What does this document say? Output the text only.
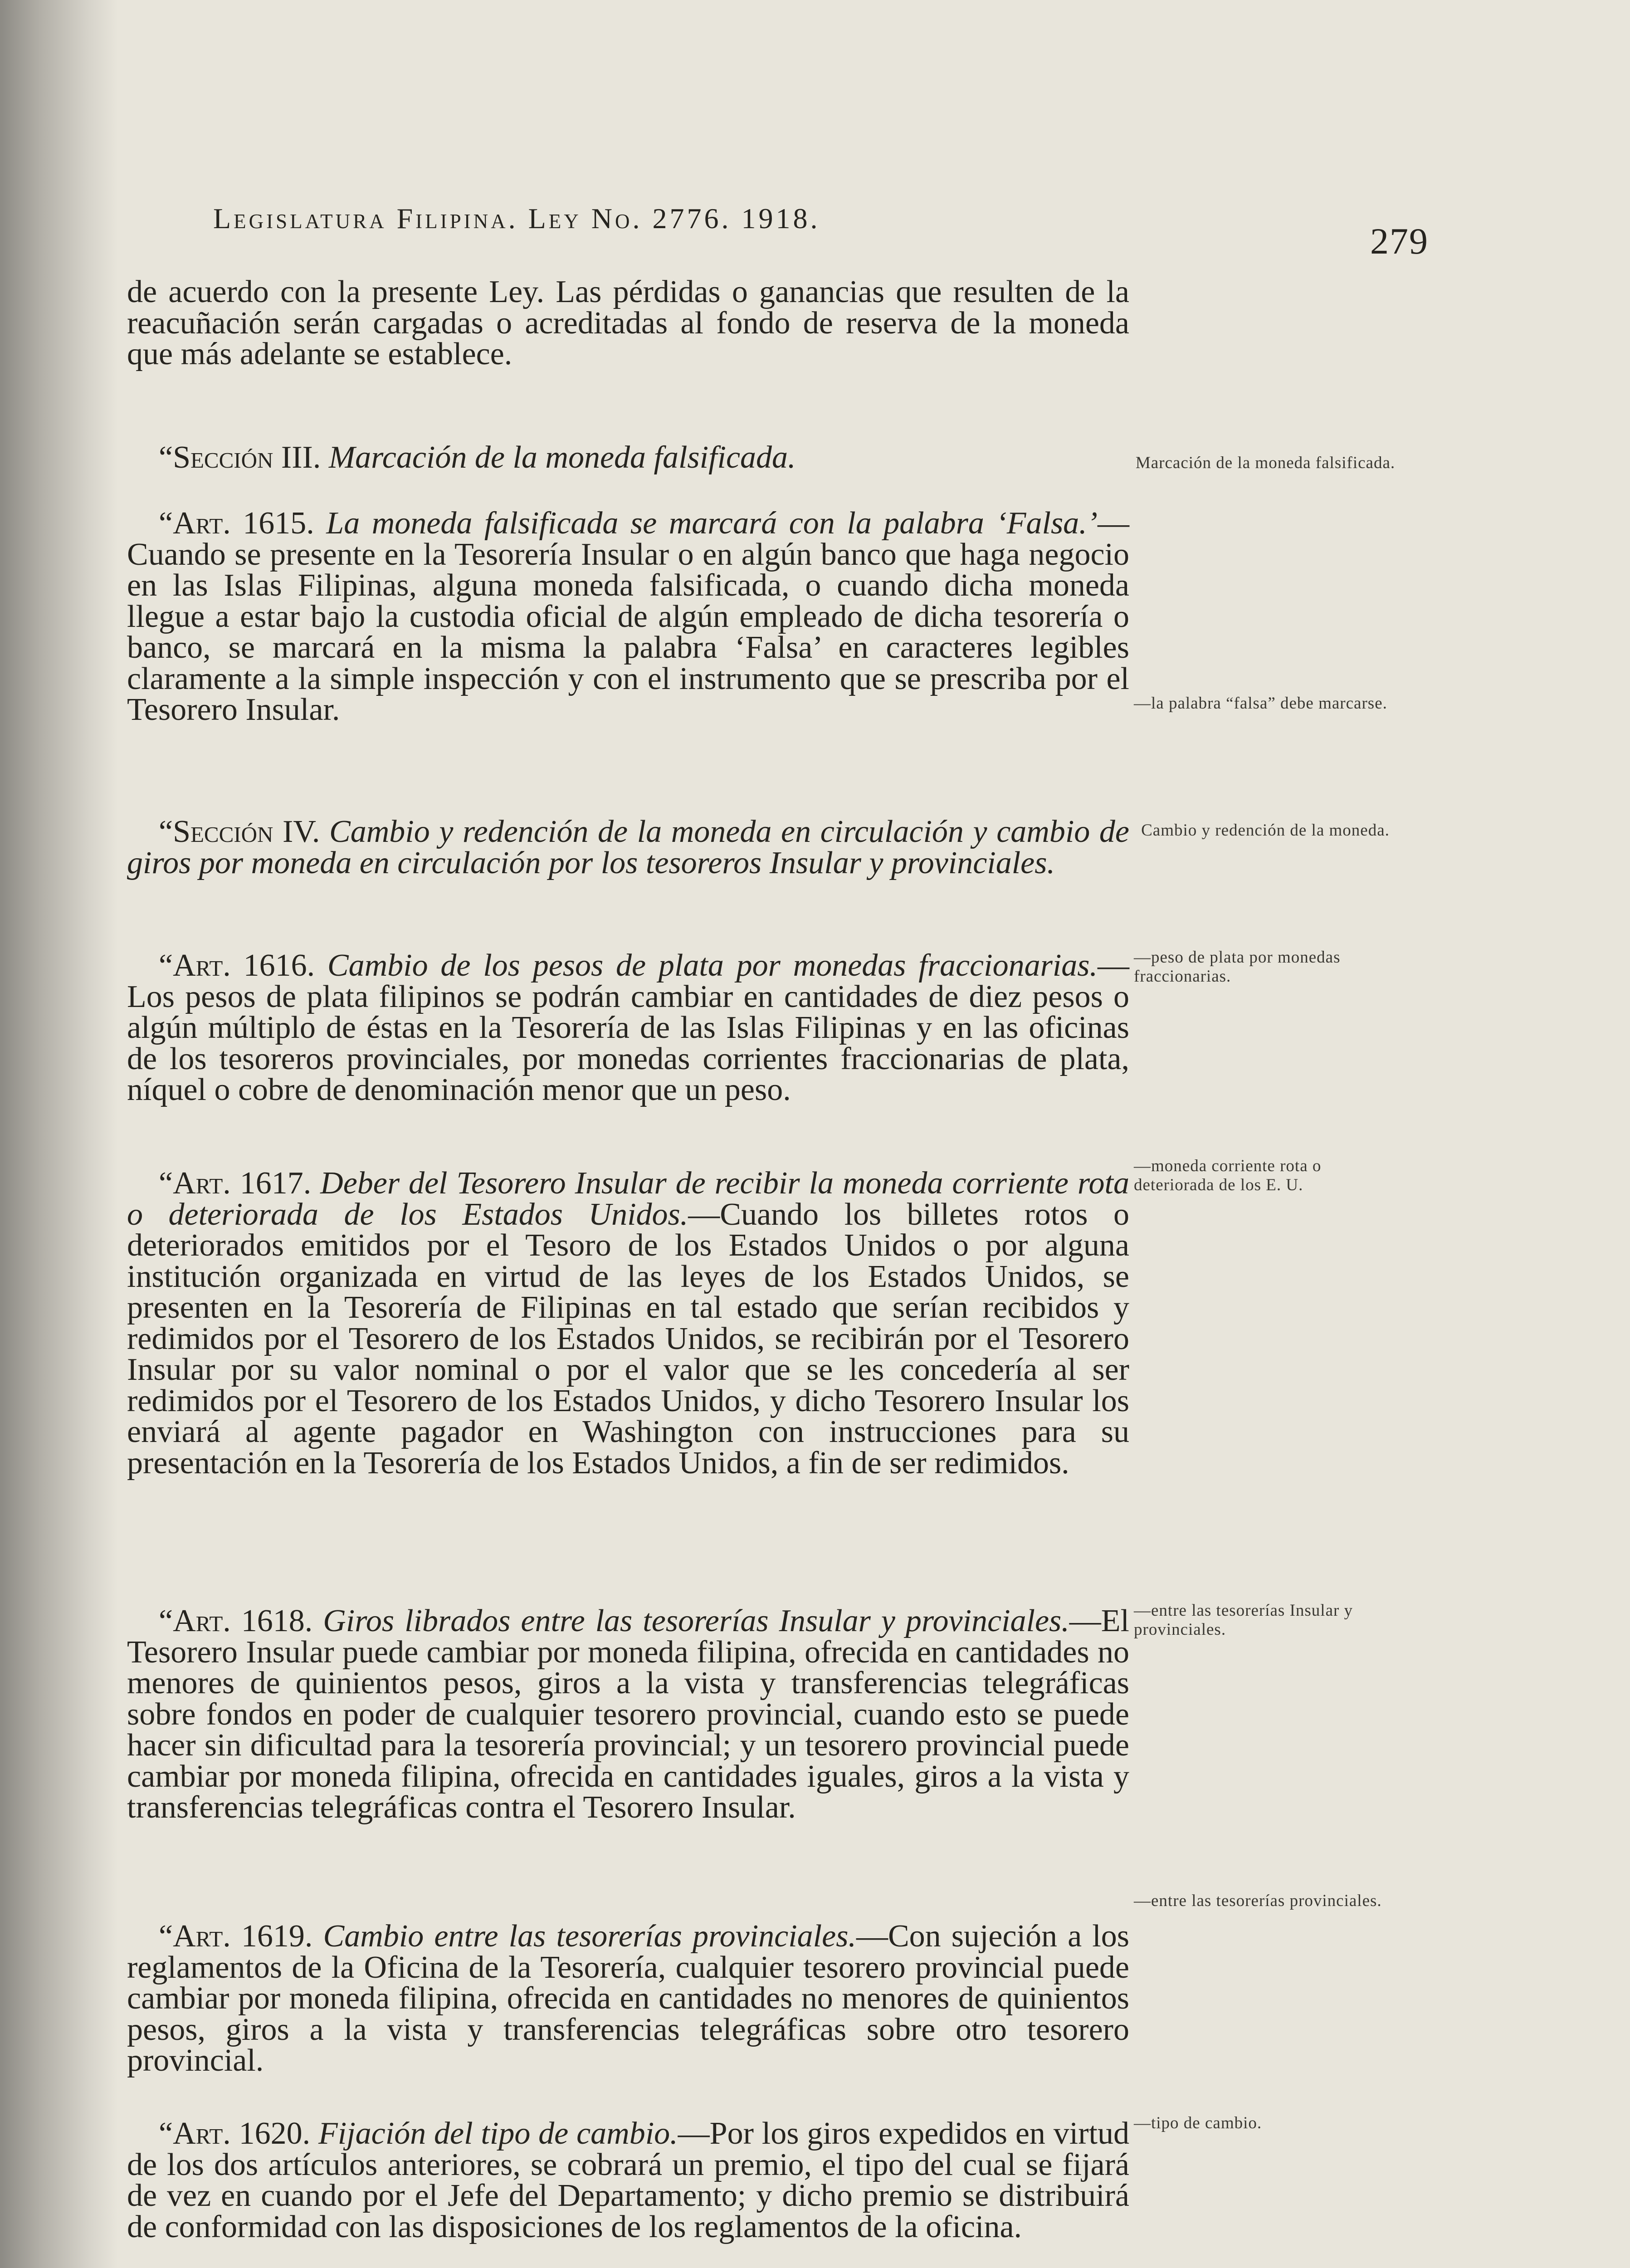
Legislatura Filipina. Ley No. 2776. 1918.
279

de acuerdo con la presente Ley. Las pérdidas o ganancias que resulten de la reacuñación serán cargadas o acreditadas al fondo de reserva de la moneda que más adelante se establece.

“Sección III. Marcación de la moneda falsificada.

“Art. 1615. La moneda falsificada se marcará con la palabra ‘Falsa.’—Cuando se presente en la Tesorería Insular o en algún banco que haga negocio en las Islas Filipinas, alguna moneda falsificada, o cuando dicha moneda llegue a estar bajo la custodia oficial de algún empleado de dicha tesorería o banco, se marcará en la misma la palabra ‘Falsa’ en caracteres legibles claramente a la simple inspección y con el instrumento que se prescriba por el Tesorero Insular.

“Sección IV. Cambio y redención de la moneda en circulación y cambio de giros por moneda en circulación por los tesoreros Insular y provinciales.

“Art. 1616. Cambio de los pesos de plata por monedas fraccionarias.—Los pesos de plata filipinos se podrán cambiar en cantidades de diez pesos o algún múltiplo de éstas en la Tesorería de las Islas Filipinas y en las oficinas de los tesoreros provinciales, por monedas corrientes fraccionarias de plata, níquel o cobre de denominación menor que un peso.

“Art. 1617. Deber del Tesorero Insular de recibir la moneda corriente rota o deteriorada de los Estados Unidos.—Cuando los billetes rotos o deteriorados emitidos por el Tesoro de los Estados Unidos o por alguna institución organizada en virtud de las leyes de los Estados Unidos, se presenten en la Tesorería de Filipinas en tal estado que serían recibidos y redimidos por el Tesorero de los Estados Unidos, se recibirán por el Tesorero Insular por su valor nominal o por el valor que se les concedería al ser redimidos por el Tesorero de los Estados Unidos, y dicho Tesorero Insular los enviará al agente pagador en Washington con instrucciones para su presentación en la Tesorería de los Estados Unidos, a fin de ser redimidos.

“Art. 1618. Giros librados entre las tesorerías Insular y provinciales.—El Tesorero Insular puede cambiar por moneda filipina, ofrecida en cantidades no menores de quinientos pesos, giros a la vista y transferencias telegráficas sobre fondos en poder de cualquier tesorero provincial, cuando esto se puede hacer sin dificultad para la tesorería provincial; y un tesorero provincial puede cambiar por moneda filipina, ofrecida en cantidades iguales, giros a la vista y transferencias telegráficas contra el Tesorero Insular.

“Art. 1619. Cambio entre las tesorerías provinciales.—Con sujeción a los reglamentos de la Oficina de la Tesorería, cualquier tesorero provincial puede cambiar por moneda filipina, ofrecida en cantidades no menores de quinientos pesos, giros a la vista y transferencias telegráficas sobre otro tesorero provincial.

“Art. 1620. Fijación del tipo de cambio.—Por los giros expedidos en virtud de los dos artículos anteriores, se cobrará un premio, el tipo del cual se fijará de vez en cuando por el Jefe del Departamento; y dicho premio se distribuirá de conformidad con las disposiciones de los reglamentos de la oficina.

Marcación de la moneda falsificada.
—la palabra “falsa” debe marcarse.
Cambio y redención de la moneda.
—peso de plata por monedas fraccionarias.
—moneda corriente rota o deteriorada de los E. U.
—entre las tesorerías Insular y provinciales.
—entre las tesorerías provinciales.
—tipo de cambio.
